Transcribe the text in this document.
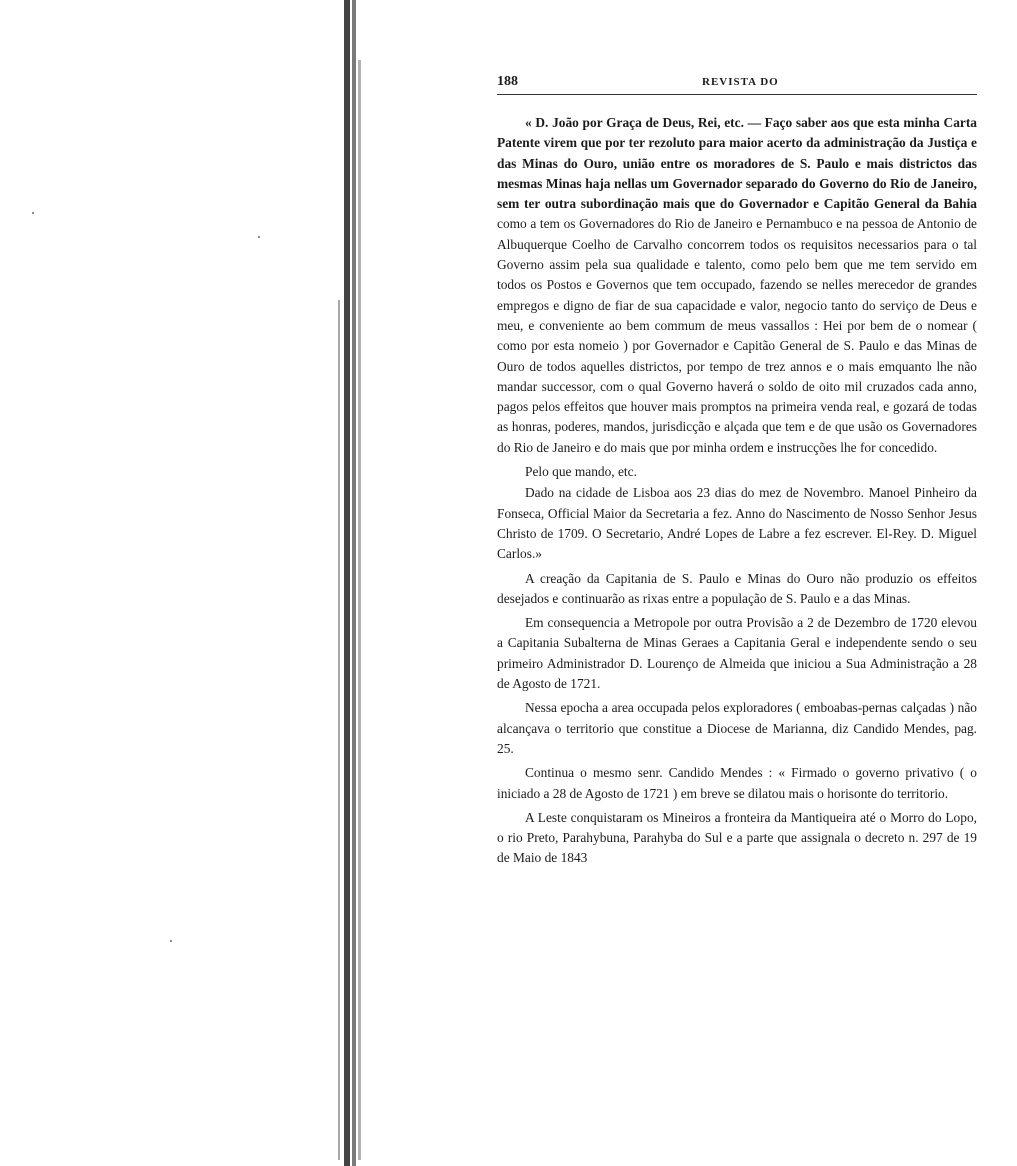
188	REVISTA DO

« D. João por Graça de Deus, Rei, etc. — Faço saber aos que esta minha Carta Patente virem que por ter rezoluto para maior acerto da administração da Justiça e das Minas do Ouro, união entre os moradores de S. Paulo e mais districtos das mesmas Minas haja nellas um Governador separado do Governo do Rio de Janeiro, sem ter outra subordinação mais que do Governador e Capitão General da Bahia como a tem os Governadores do Rio de Janeiro e Pernambuco e na pessoa de Antonio de Albuquerque Coelho de Carvalho concorrem todos os requisitos necessarios para o tal Governo assim pela sua qualidade e talento, como pelo bem que me tem servido em todos os Postos e Governos que tem occupado, fazendo se nelles merecedor de grandes empregos e digno de fiar de sua capacidade e valor, negocio tanto do serviço de Deus e meu, e conveniente ao bem commum de meus vassallos : Hei por bem de o nomear ( como por esta nomeio ) por Governador e Capitão General de S. Paulo e das Minas de Ouro de todos aquelles districtos, por tempo de trez annos e o mais emquanto lhe não mandar successor, com o qual Governo haverá o soldo de oito mil cruzados cada anno, pagos pelos effeitos que houver mais promptos na primeira venda real, e gozará de todas as honras, poderes, mandos, jurisdicção e alçada que tem e de que usão os Governadores do Rio de Janeiro e do mais que por minha ordem e instrucções lhe for concedido.

Pelo que mando, etc.

Dado na cidade de Lisboa aos 23 dias do mez de Novembro. Manoel Pinheiro da Fonseca, Official Maior da Secretaria a fez. Anno do Nascimento de Nosso Senhor Jesus Christo de 1709. O Secretario, André Lopes de Labre a fez escrever. El-Rey. D. Miguel Carlos.»

A creação da Capitania de S. Paulo e Minas do Ouro não produzio os effeitos desejados e continuarão as rixas entre a população de S. Paulo e a das Minas.

Em consequencia a Metropole por outra Provisão a 2 de Dezembro de 1720 elevou a Capitania Subalterna de Minas Geraes a Capitania Geral e independente sendo o seu primeiro Administrador D. Lourenço de Almeida que iniciou a Sua Administração a 28 de Agosto de 1721.

Nessa epocha a area occupada pelos exploradores ( emboabas-pernas calçadas ) não alcançava o territorio que constitue a Diocese de Marianna, diz Candido Mendes, pag. 25.

Continua o mesmo senr. Candido Mendes : « Firmado o governo privativo ( o iniciado a 28 de Agosto de 1721 ) em breve se dilatou mais o horisonte do territorio.

A Leste conquistaram os Mineiros a fronteira da Mantiqueira até o Morro do Lopo, o rio Preto, Parahybuna, Parahyba do Sul e a parte que assignala o decreto n. 297 de 19 de Maio de 1843
